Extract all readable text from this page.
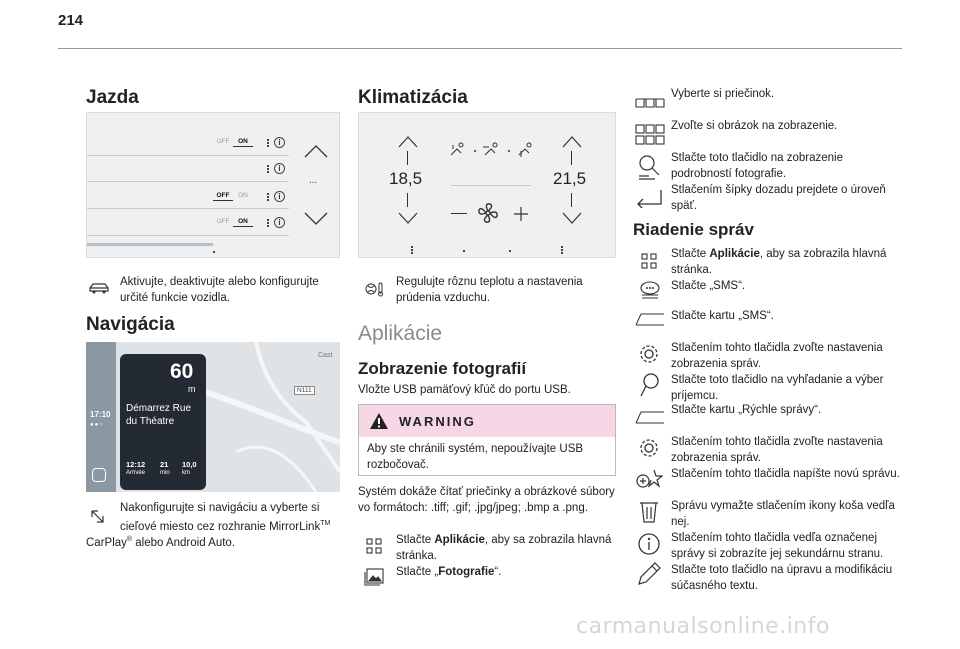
214
Jazda
OFF	ON	i
i
OFF	ON	i
OFF	ON	i
...

Aktivujte, deaktivujte alebo konfigurujte určité funkcie vozidla.

Navigácia
17:10
●●○
N111
Cast
60
m
Démarrez Rue
du Théatre
12:12
Arrivée
21
min
10,0
km
Nakonfigurujte si navigáciu a vyberte si cieľové miesto cez rozhranie MirrorLink™
CarPlay® alebo Android Auto.
Klimatizácia
18,5	21,5

Regulujte rôznu teplotu a nastavenia prúdenia vzduchu.

Aplikácie
Zobrazenie fotografií

Vložte USB pamäťový kľúč do portu USB.

WARNING

Aby ste chránili systém, nepoužívajte USB rozbočovač.

Systém dokáže čítať priečinky a obrázkové súbory vo formátoch: .tiff; .gif; .jpg/jpeg; .bmp a .png.

Stlačte Aplikácie, aby sa zobrazila hlavná stránka.

Stlačte „Fotografie“.

Vyberte si priečinok.

Zvoľte si obrázok na zobrazenie.

Stlačte toto tlačidlo na zobrazenie podrobností fotografie.

Stlačením šípky dozadu prejdete o úroveň späť.

Riadenie správ

Stlačte Aplikácie, aby sa zobrazila hlavná stránka.

Stlačte „SMS“.

Stlačte kartu „SMS“.

Stlačením tohto tlačidla zvoľte nastavenia zobrazenia správ.

Stlačte toto tlačidlo na vyhľadanie a výber príjemcu.

Stlačte kartu „Rýchle správy“.

Stlačením tohto tlačidla zvoľte nastavenia zobrazenia správ.

Stlačením tohto tlačidla napíšte novú správu.

Správu vymažte stlačením ikony koša vedľa nej.

Stlačením tohto tlačidla vedľa označenej správy si zobrazíte jej sekundárnu stranu.

Stlačte toto tlačidlo na úpravu a modifikáciu súčasného textu.

carmanualsonline.info
